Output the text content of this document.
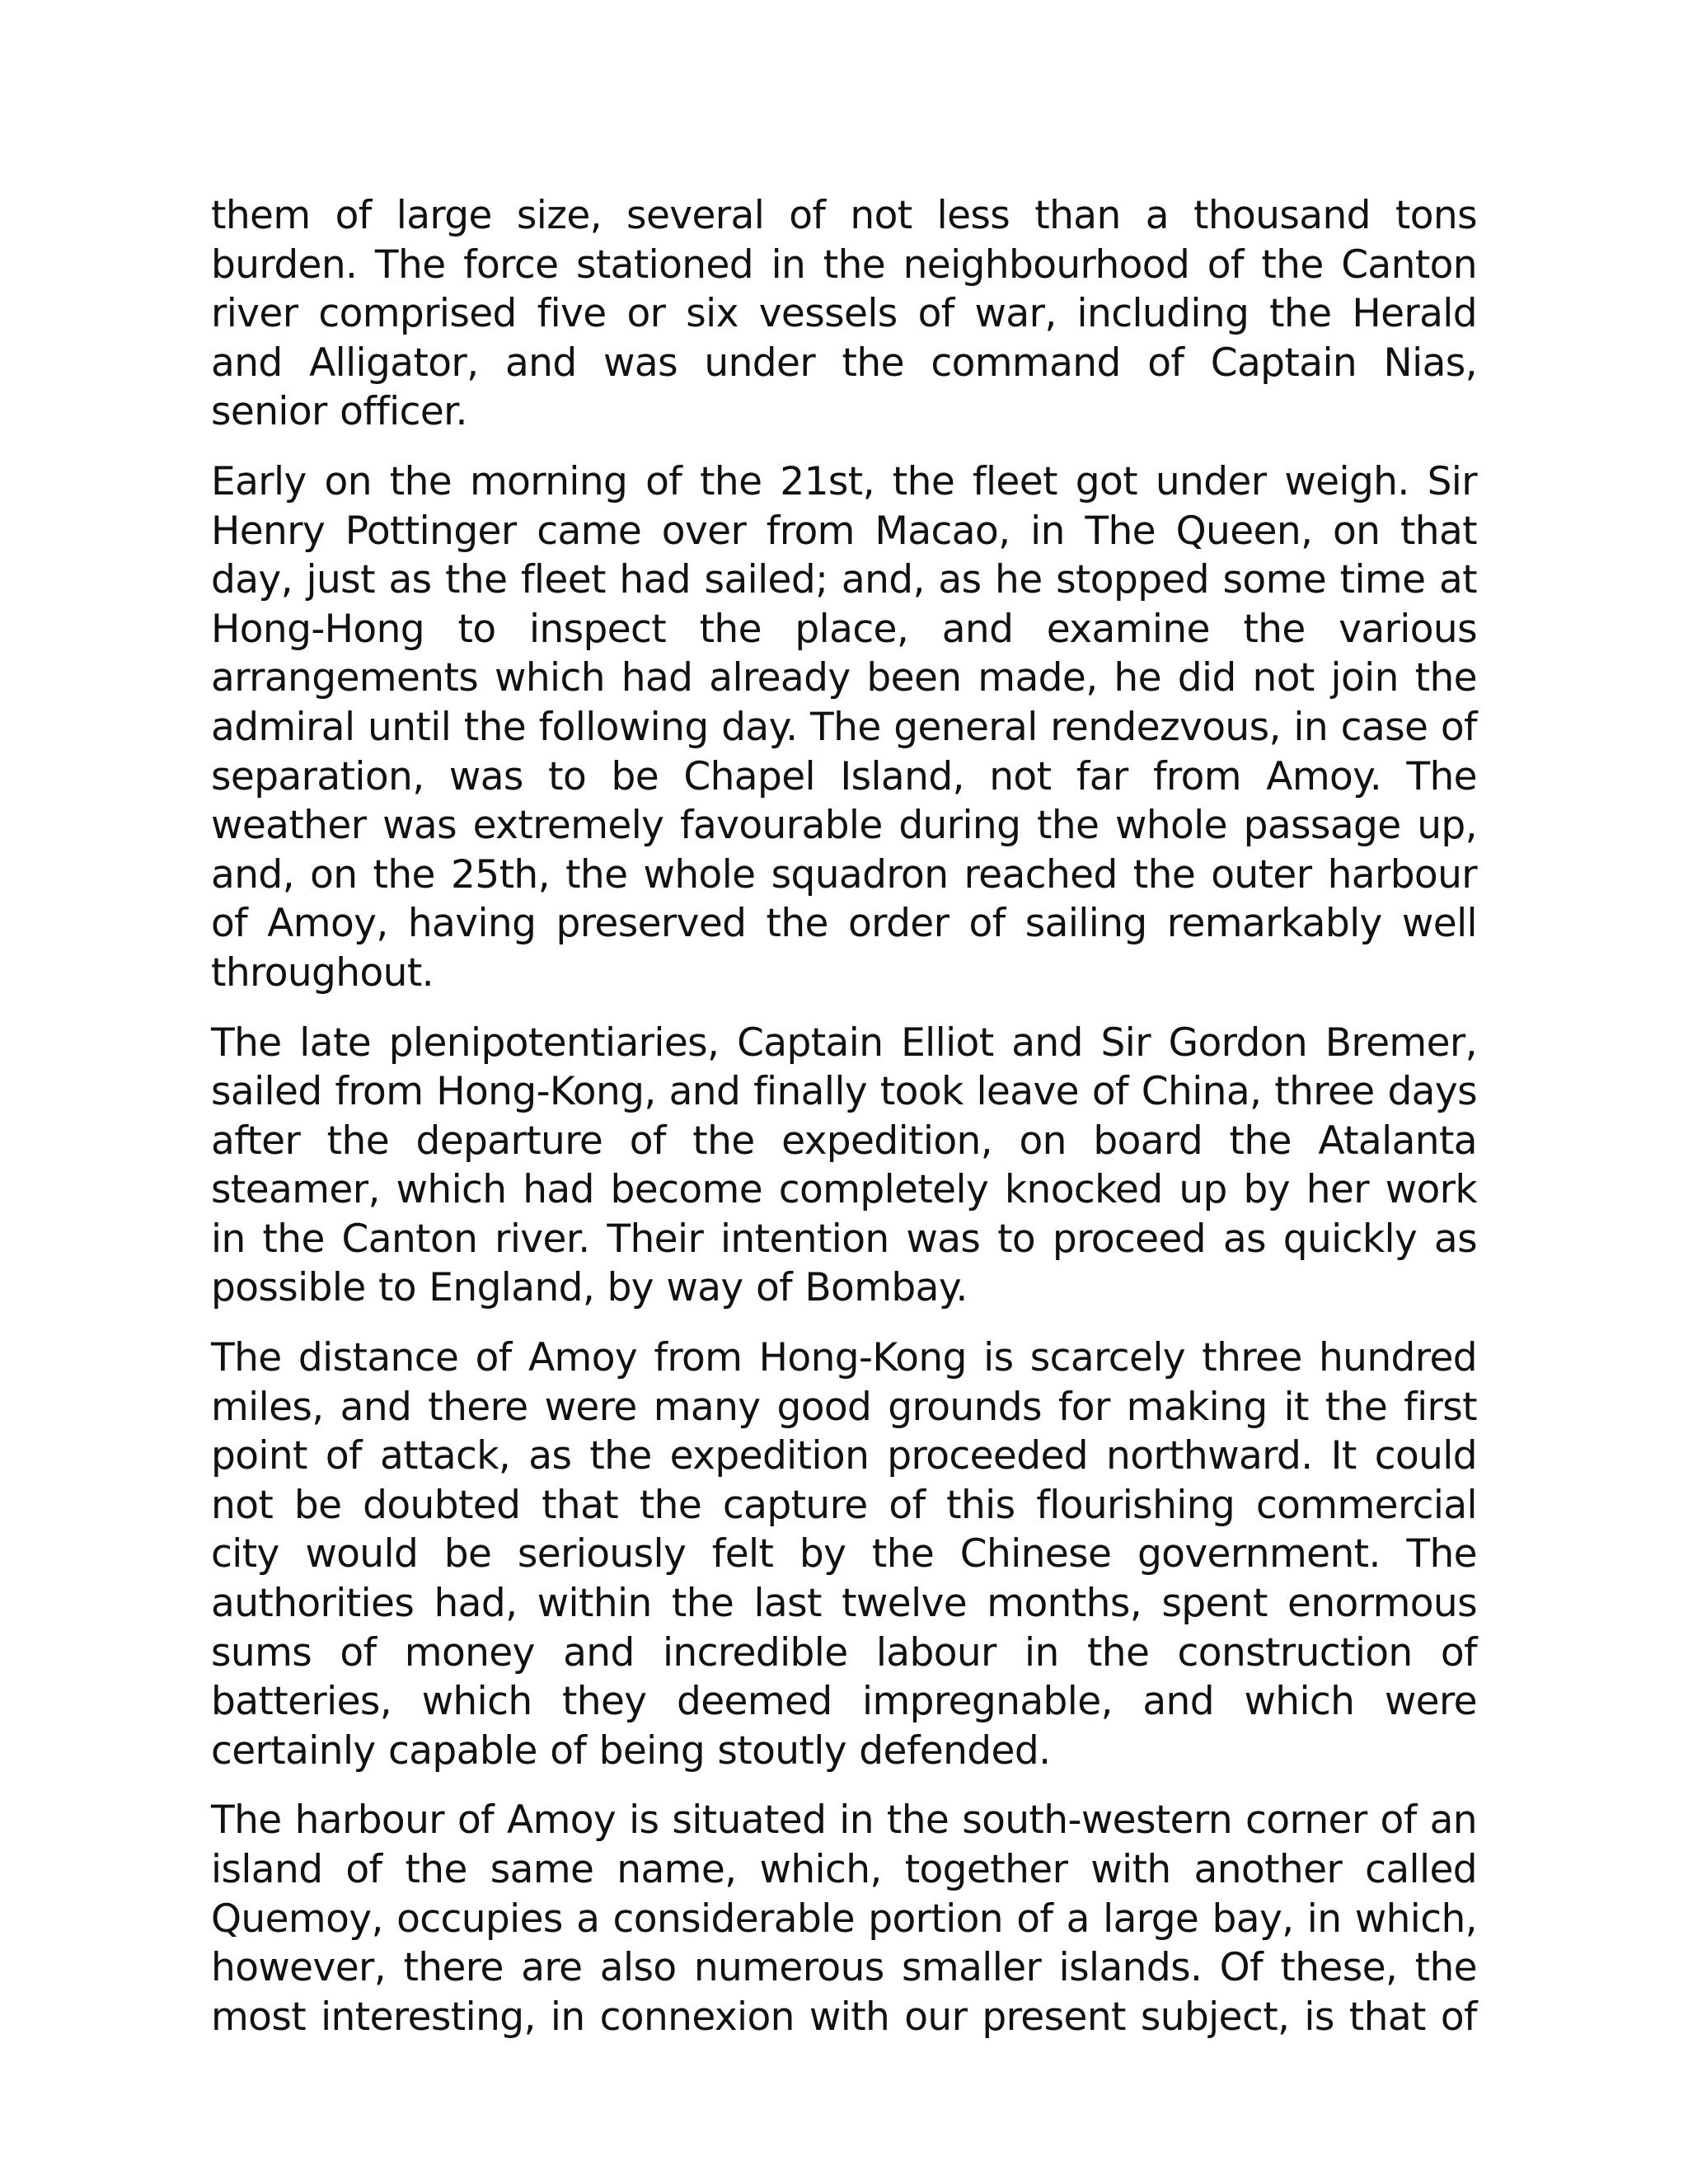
them of large size, several of not less than a thousand tons burden. The force stationed in the neighbourhood of the Canton river comprised five or six vessels of war, including the Herald and Alligator, and was under the command of Captain Nias, senior officer.

Early on the morning of the 21st, the fleet got under weigh. Sir Henry Pottinger came over from Macao, in The Queen, on that day, just as the fleet had sailed; and, as he stopped some time at Hong-Hong to inspect the place, and examine the various arrangements which had already been made, he did not join the admiral until the following day. The general rendezvous, in case of separation, was to be Chapel Island, not far from Amoy. The weather was extremely favourable during the whole passage up, and, on the 25th, the whole squadron reached the outer harbour of Amoy, having preserved the order of sailing remarkably well throughout.

The late plenipotentiaries, Captain Elliot and Sir Gordon Bremer, sailed from Hong-Kong, and finally took leave of China, three days after the departure of the expedition, on board the Atalanta steamer, which had become completely knocked up by her work in the Canton river. Their intention was to proceed as quickly as possible to England, by way of Bombay.

The distance of Amoy from Hong-Kong is scarcely three hundred miles, and there were many good grounds for making it the first point of attack, as the expedition proceeded northward. It could not be doubted that the capture of this flourishing commercial city would be seriously felt by the Chinese government. The authorities had, within the last twelve months, spent enormous sums of money and incredible labour in the construction of batteries, which they deemed impregnable, and which were certainly capable of being stoutly defended.

The harbour of Amoy is situated in the south-western corner of an island of the same name, which, together with another called Quemoy, occupies a considerable portion of a large bay, in which, however, there are also numerous smaller islands. Of these, the most interesting, in connexion with our present subject, is that of
